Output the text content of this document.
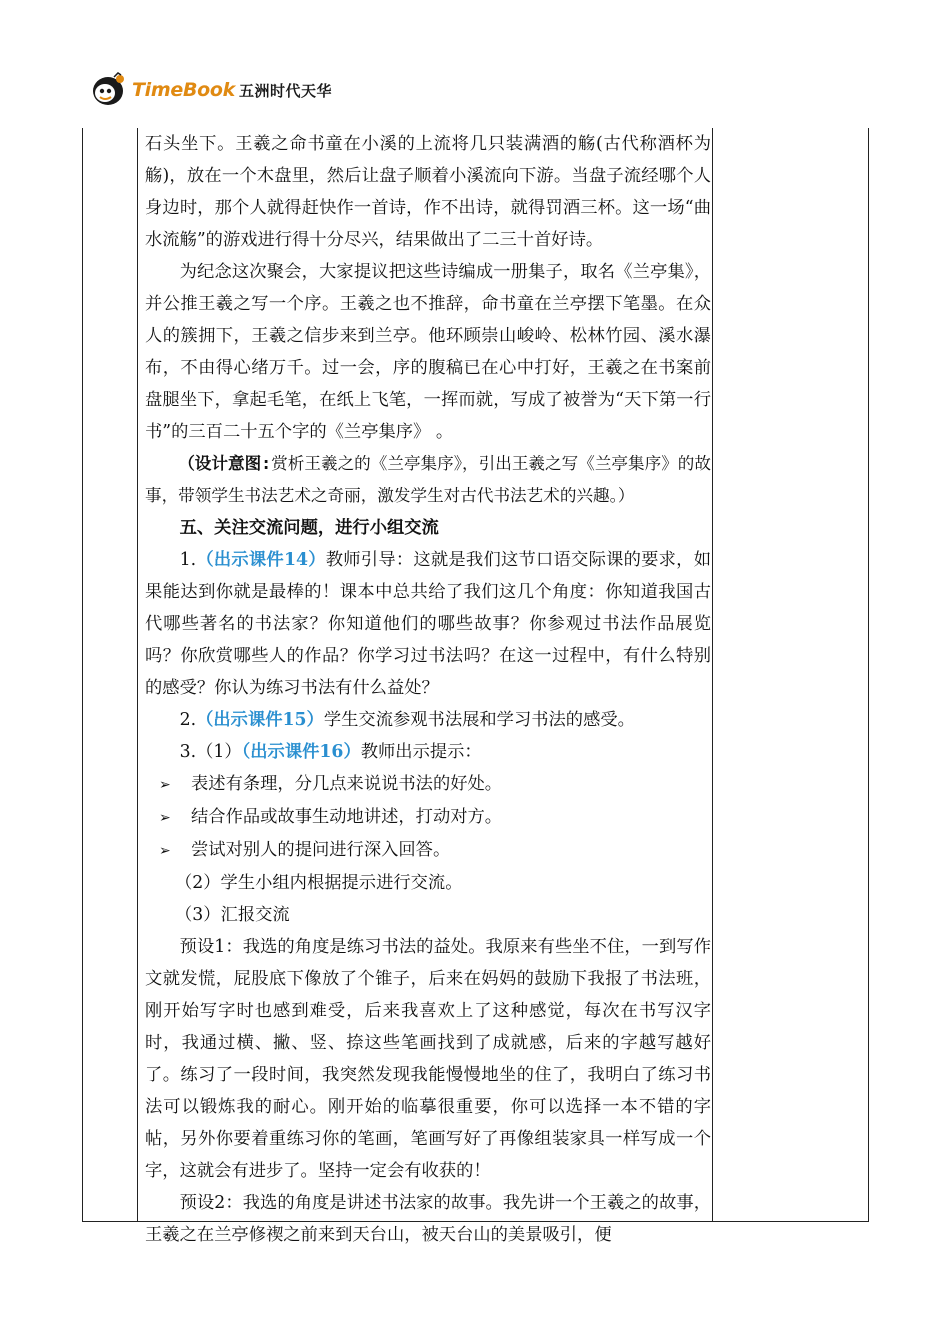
TimeBook 五洲时代天华

石头坐下。王羲之命书童在小溪的上流将几只装满酒的觞(古代称酒杯为觞)，放在一个木盘里，然后让盘子顺着小溪流向下游。当盘子流经哪个人身边时，那个人就得赶快作一首诗，作不出诗，就得罚酒三杯。这一场“曲水流觞”的游戏进行得十分尽兴，结果做出了二三十首好诗。

为纪念这次聚会，大家提议把这些诗编成一册集子，取名《兰亭集》，并公推王羲之写一个序。王羲之也不推辞，命书童在兰亭摆下笔墨。在众人的簇拥下，王羲之信步来到兰亭。他环顾崇山峻岭、松林竹园、溪水瀑布，不由得心绪万千。过一会，序的腹稿已在心中打好，王羲之在书案前盘腿坐下，拿起毛笔，在纸上飞笔，一挥而就，写成了被誉为“天下第一行书”的三百二十五个字的《兰亭集序》 。

（设计意图:赏析王羲之的《兰亭集序》，引出王羲之写《兰亭集序》的故事，带领学生书法艺术之奇丽，激发学生对古代书法艺术的兴趣。）

五、关注交流问题，进行小组交流

1.（出示课件14）教师引导：这就是我们这节口语交际课的要求，如果能达到你就是最棒的！课本中总共给了我们这几个角度：你知道我国古代哪些著名的书法家？你知道他们的哪些故事？你参观过书法作品展览吗？你欣赏哪些人的作品？你学习过书法吗？在这一过程中，有什么特别的感受？你认为练习书法有什么益处？

2.（出示课件15）学生交流参观书法展和学习书法的感受。

3.（1）（出示课件16）教师出示提示：

➢ 表述有条理，分几点来说说书法的好处。

➢ 结合作品或故事生动地讲述，打动对方。

➢ 尝试对别人的提问进行深入回答。

（2）学生小组内根据提示进行交流。

（3）汇报交流

预设1：我选的角度是练习书法的益处。我原来有些坐不住，一到写作文就发慌，屁股底下像放了个锥子，后来在妈妈的鼓励下我报了书法班，刚开始写字时也感到难受，后来我喜欢上了这种感觉，每次在书写汉字时，我通过横、撇、竖、捺这些笔画找到了成就感，后来的字越写越好了。练习了一段时间，我突然发现我能慢慢地坐的住了，我明白了练习书法可以锻炼我的耐心。刚开始的临摹很重要，你可以选择一本不错的字帖，另外你要着重练习你的笔画，笔画写好了再像组装家具一样写成一个字，这就会有进步了。坚持一定会有收获的！

预设2：我选的角度是讲述书法家的故事。我先讲一个王羲之的故事，王羲之在兰亭修禊之前来到天台山，被天台山的美景吸引，便
